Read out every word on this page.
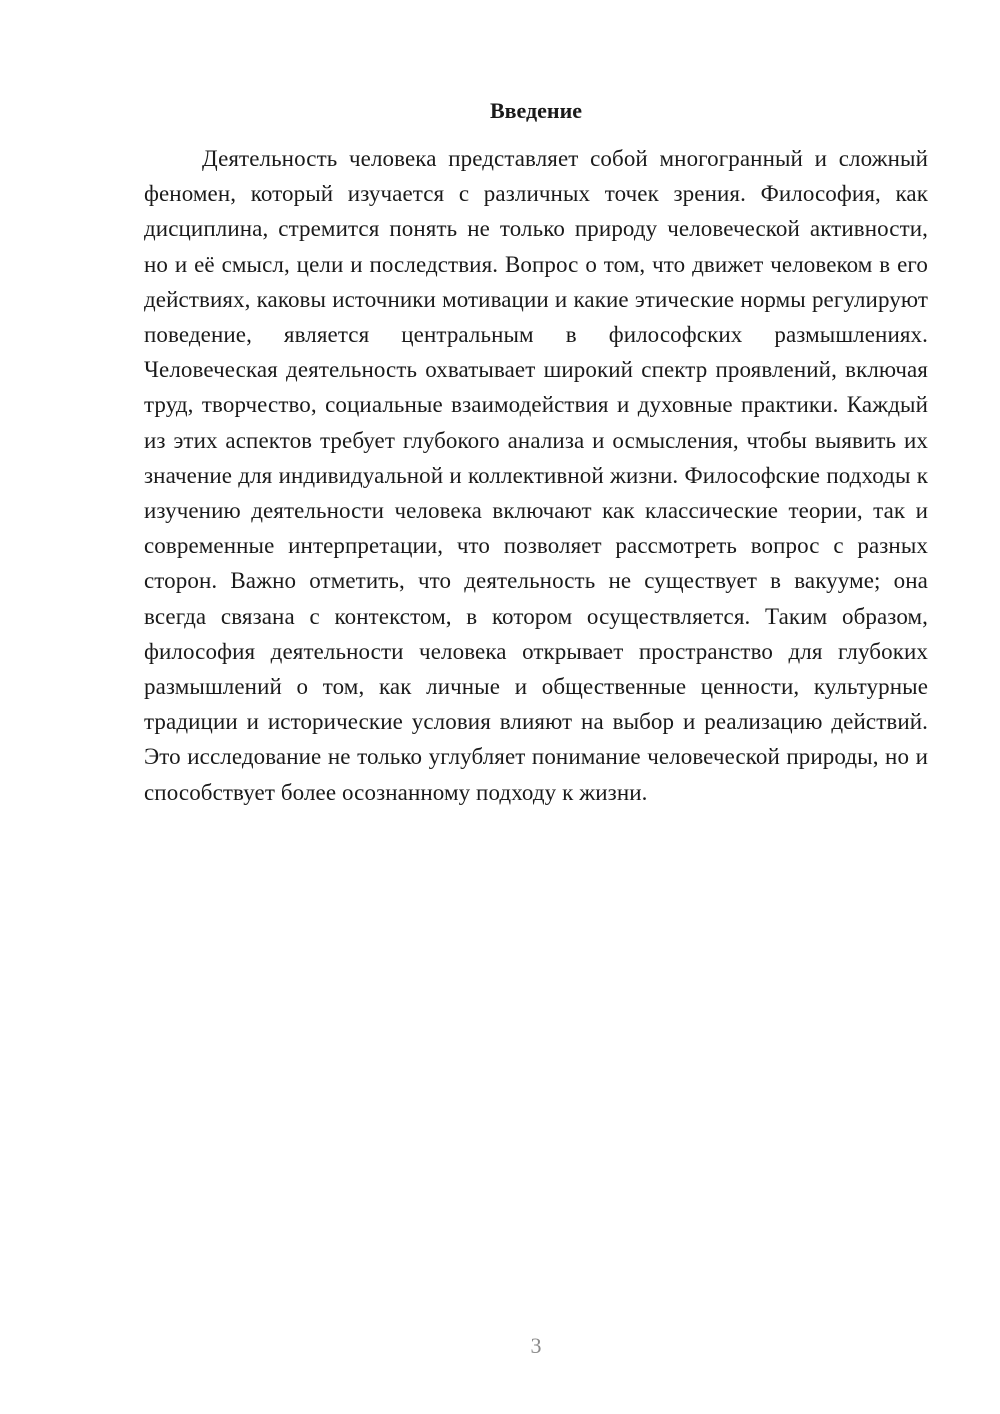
Введение

Деятельность человека представляет собой многогранный и сложный феномен, который изучается с различных точек зрения. Философия, как дисциплина, стремится понять не только природу человеческой активности, но и её смысл, цели и последствия. Вопрос о том, что движет человеком в его действиях, каковы источники мотивации и какие этические нормы регулируют поведение, является центральным в философских размышлениях. Человеческая деятельность охватывает широкий спектр проявлений, включая труд, творчество, социальные взаимодействия и духовные практики. Каждый из этих аспектов требует глубокого анализа и осмысления, чтобы выявить их значение для индивидуальной и коллективной жизни. Философские подходы к изучению деятельности человека включают как классические теории, так и современные интерпретации, что позволяет рассмотреть вопрос с разных сторон. Важно отметить, что деятельность не существует в вакууме; она всегда связана с контекстом, в котором осуществляется. Таким образом, философия деятельности человека открывает пространство для глубоких размышлений о том, как личные и общественные ценности, культурные традиции и исторические условия влияют на выбор и реализацию действий. Это исследование не только углубляет понимание человеческой природы, но и способствует более осознанному подходу к жизни.

3
